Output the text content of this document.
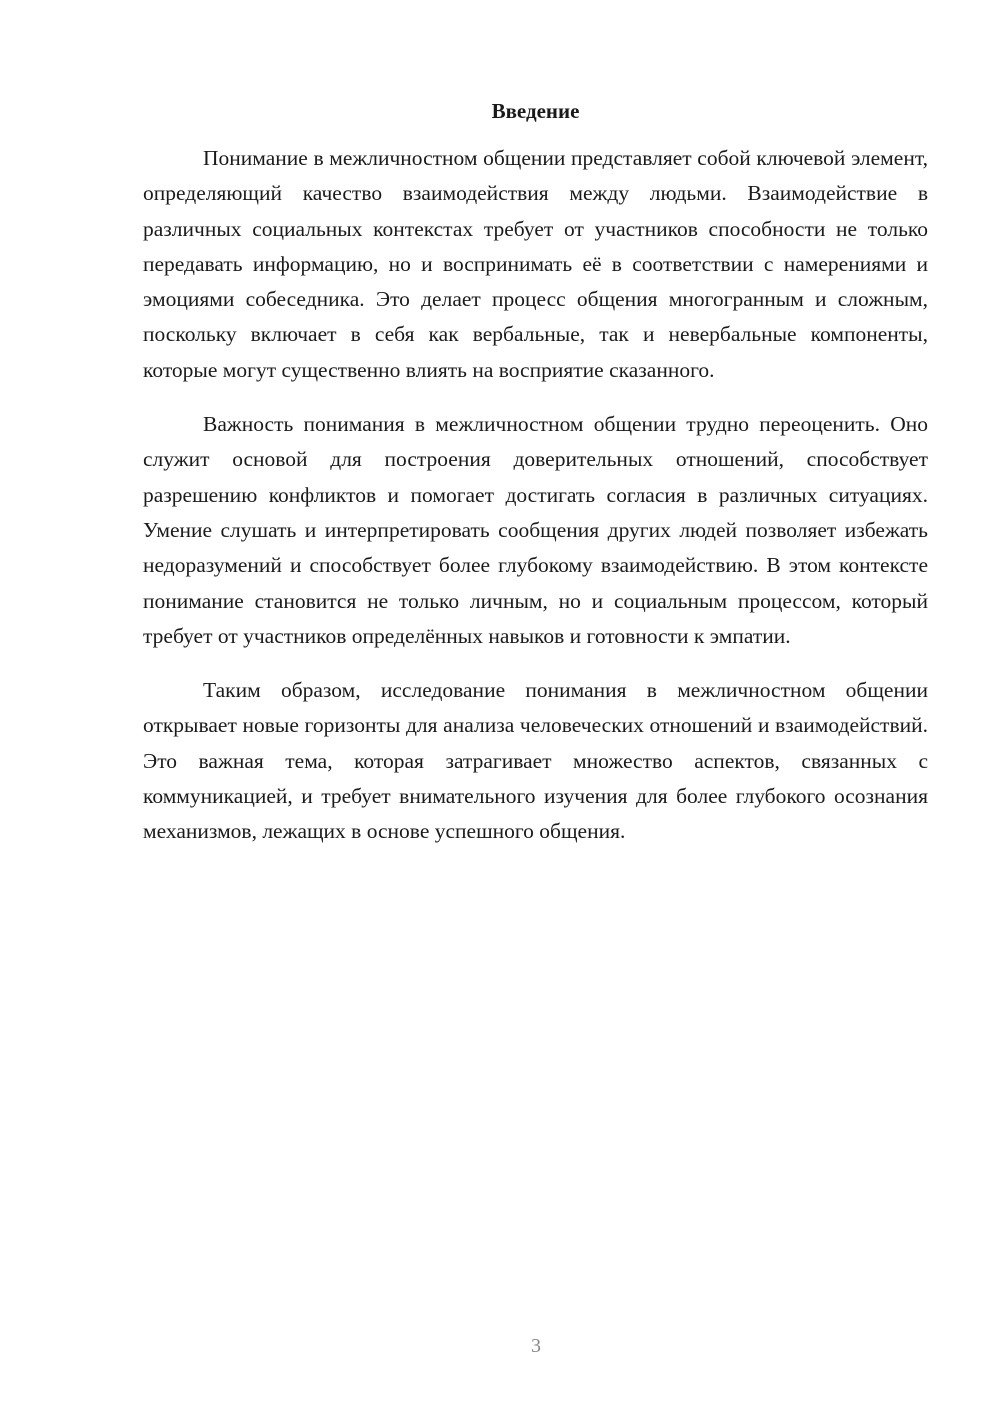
Введение

Понимание в межличностном общении представляет собой ключевой элемент, определяющий качество взаимодействия между людьми. Взаимодействие в различных социальных контекстах требует от участников способности не только передавать информацию, но и воспринимать её в соответствии с намерениями и эмоциями собеседника. Это делает процесс общения многогранным и сложным, поскольку включает в себя как вербальные, так и невербальные компоненты, которые могут существенно влиять на восприятие сказанного.

Важность понимания в межличностном общении трудно переоценить. Оно служит основой для построения доверительных отношений, способствует разрешению конфликтов и помогает достигать согласия в различных ситуациях. Умение слушать и интерпретировать сообщения других людей позволяет избежать недоразумений и способствует более глубокому взаимодействию. В этом контексте понимание становится не только личным, но и социальным процессом, который требует от участников определённых навыков и готовности к эмпатии.

Таким образом, исследование понимания в межличностном общении открывает новые горизонты для анализа человеческих отношений и взаимодействий. Это важная тема, которая затрагивает множество аспектов, связанных с коммуникацией, и требует внимательного изучения для более глубокого осознания механизмов, лежащих в основе успешного общения.

3
